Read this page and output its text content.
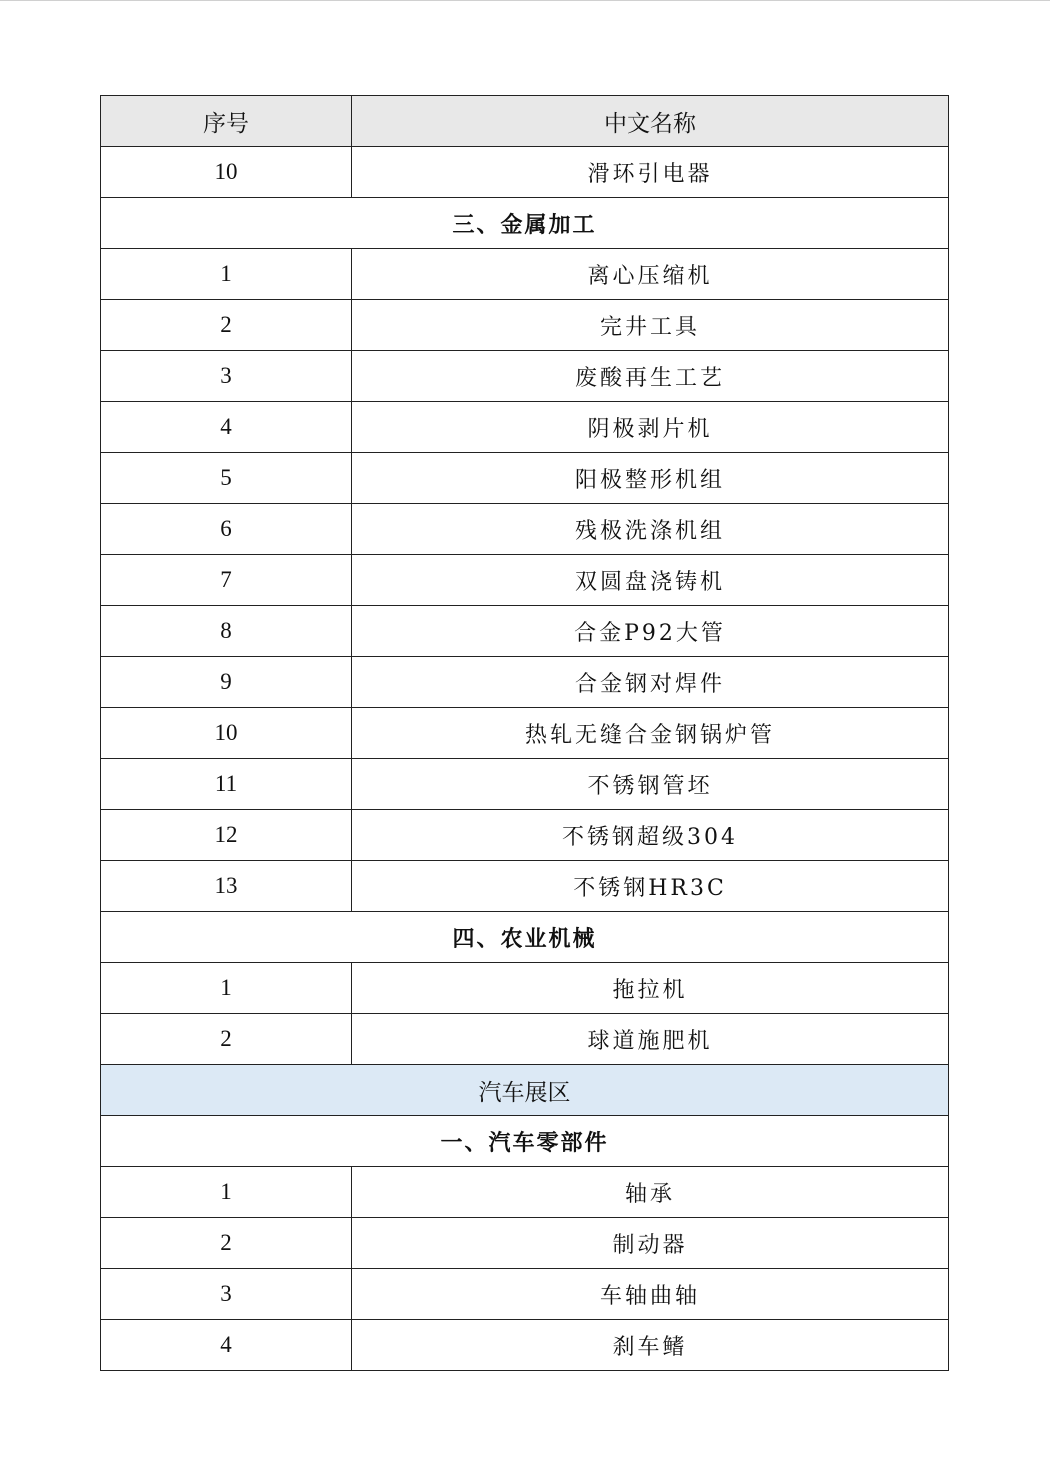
序号	中文名称
10	滑环引电器
三、金属加工	
1	离心压缩机
2	完井工具
3	废酸再生工艺
4	阴极剥片机
5	阳极整形机组
6	残极洗涤机组
7	双圆盘浇铸机
8	合金P92大管
9	合金钢对焊件
10	热轧无缝合金钢锅炉管
11	不锈钢管坯
12	不锈钢超级304
13	不锈钢HR3C
四、农业机械	
1	拖拉机
2	球道施肥机
汽车展区	
一、汽车零部件	
1	轴承
2	制动器
3	车轴曲轴
4	刹车鳍
